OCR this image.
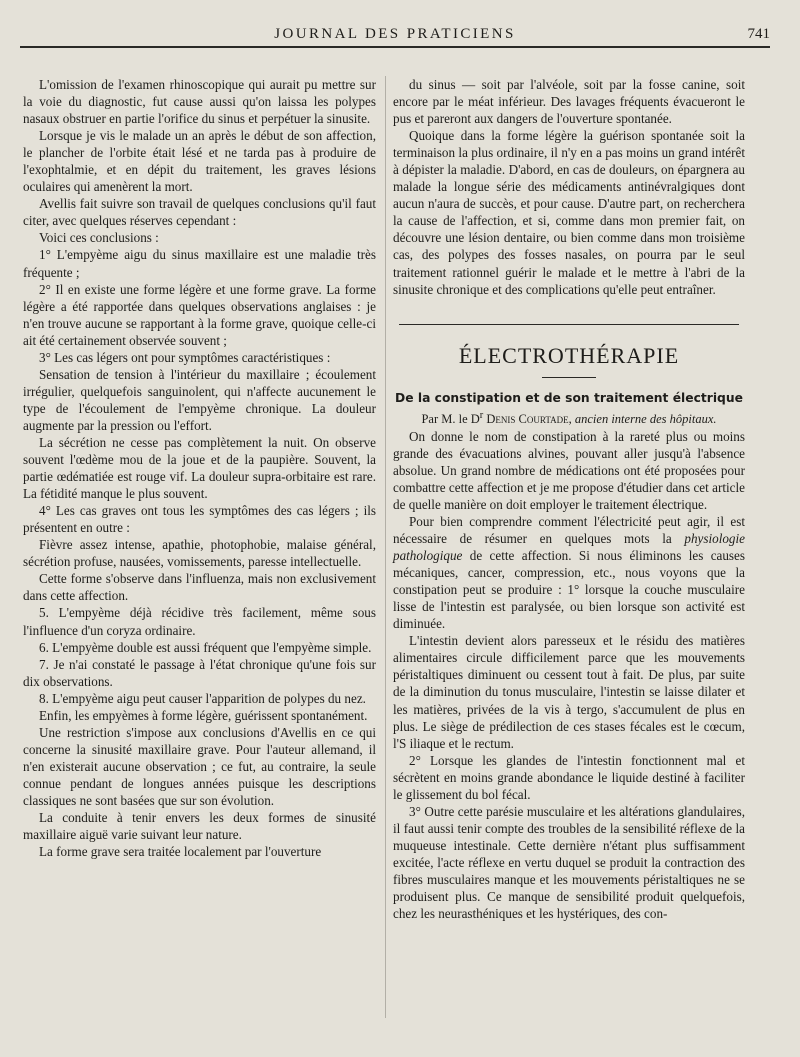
JOURNAL DES PRATICIENS	741

L'omission de l'examen rhinoscopique qui aurait pu mettre sur la voie du diagnostic, fut cause aussi qu'on laissa les polypes nasaux obstruer en partie l'orifice du sinus et perpétuer la sinusite.

Lorsque je vis le malade un an après le début de son affection, le plancher de l'orbite était lésé et ne tarda pas à produire de l'exophtalmie, et en dépit du traitement, les graves lésions oculaires qui amenèrent la mort.

Avellis fait suivre son travail de quelques conclusions qu'il faut citer, avec quelques réserves cependant :

Voici ces conclusions :

1° L'empyème aigu du sinus maxillaire est une maladie très fréquente ;

2° Il en existe une forme légère et une forme grave. La forme légère a été rapportée dans quelques observations anglaises : je n'en trouve aucune se rapportant à la forme grave, quoique celle-ci ait été certainement observée souvent ;

3° Les cas légers ont pour symptômes caractéristiques :

Sensation de tension à l'intérieur du maxillaire ; écoulement irrégulier, quelquefois sanguinolent, qui n'affecte aucunement le type de l'écoulement de l'empyème chronique. La douleur augmente par la pression ou l'effort.

La sécrétion ne cesse pas complètement la nuit. On observe souvent l'œdème mou de la joue et de la paupière. Souvent, la partie œdématiée est rouge vif. La douleur supra-orbitaire est rare. La fétidité manque le plus souvent.

4° Les cas graves ont tous les symptômes des cas légers ; ils présentent en outre :

Fièvre assez intense, apathie, photophobie, malaise général, sécrétion profuse, nausées, vomissements, paresse intellectuelle.

Cette forme s'observe dans l'influenza, mais non exclusivement dans cette affection.

5. L'empyème déjà récidive très facilement, même sous l'influence d'un coryza ordinaire.

6. L'empyème double est aussi fréquent que l'empyème simple.

7. Je n'ai constaté le passage à l'état chronique qu'une fois sur dix observations.

8. L'empyème aigu peut causer l'apparition de polypes du nez.

Enfin, les empyèmes à forme légère, guérissent spontanément.

Une restriction s'impose aux conclusions d'Avellis en ce qui concerne la sinusité maxillaire grave. Pour l'auteur allemand, il n'en existerait aucune observation ; ce fut, au contraire, la seule connue pendant de longues années puisque les descriptions classiques ne sont basées que sur son évolution.

La conduite à tenir envers les deux formes de sinusité maxillaire aiguë varie suivant leur nature.

La forme grave sera traitée localement par l'ouverture

du sinus — soit par l'alvéole, soit par la fosse canine, soit encore par le méat inférieur. Des lavages fréquents évacueront le pus et pareront aux dangers de l'ouverture spontanée.

Quoique dans la forme légère la guérison spontanée soit la terminaison la plus ordinaire, il n'y en a pas moins un grand intérêt à dépister la maladie. D'abord, en cas de douleurs, on épargnera au malade la longue série des médicaments antinévralgiques dont aucun n'aura de succès, et pour cause. D'autre part, on recherchera la cause de l'affection, et si, comme dans mon premier fait, on découvre une lésion dentaire, ou bien comme dans mon troisième cas, des polypes des fosses nasales, on pourra par le seul traitement rationnel guérir le malade et le mettre à l'abri de la sinusite chronique et des complications qu'elle peut entraîner.

ÉLECTROTHÉRAPIE

De la constipation et de son traitement électrique

Par M. le $D^r$ Denis Courtade, ancien interne des hôpitaux.

On donne le nom de constipation à la rareté plus ou moins grande des évacuations alvines, pouvant aller jusqu'à l'absence absolue. Un grand nombre de médications ont été proposées pour combattre cette affection et je me propose d'étudier dans cet article de quelle manière on doit employer le traitement électrique.

Pour bien comprendre comment l'électricité peut agir, il est nécessaire de résumer en quelques mots la physiologie pathologique de cette affection. Si nous éliminons les causes mécaniques, cancer, compression, etc., nous voyons que la constipation peut se produire : 1° lorsque la couche musculaire lisse de l'intestin est paralysée, ou bien lorsque son activité est diminuée.

L'intestin devient alors paresseux et le résidu des matières alimentaires circule difficilement parce que les mouvements péristaltiques diminuent ou cessent tout à fait. De plus, par suite de la diminution du tonus musculaire, l'intestin se laisse dilater et les matières, privées de la vis à tergo, s'accumulent de plus en plus. Le siège de prédilection de ces stases fécales est le cœcum, l'S iliaque et le rectum.

2° Lorsque les glandes de l'intestin fonctionnent mal et sécrètent en moins grande abondance le liquide destiné à faciliter le glissement du bol fécal.

3° Outre cette parésie musculaire et les altérations glandulaires, il faut aussi tenir compte des troubles de la sensibilité réflexe de la muqueuse intestinale. Cette dernière n'étant plus suffisamment excitée, l'acte réflexe en vertu duquel se produit la contraction des fibres musculaires manque et les mouvements péristaltiques ne se produisent plus. Ce manque de sensibilité produit quelquefois, chez les neurasthéniques et les hystériques, des con-
